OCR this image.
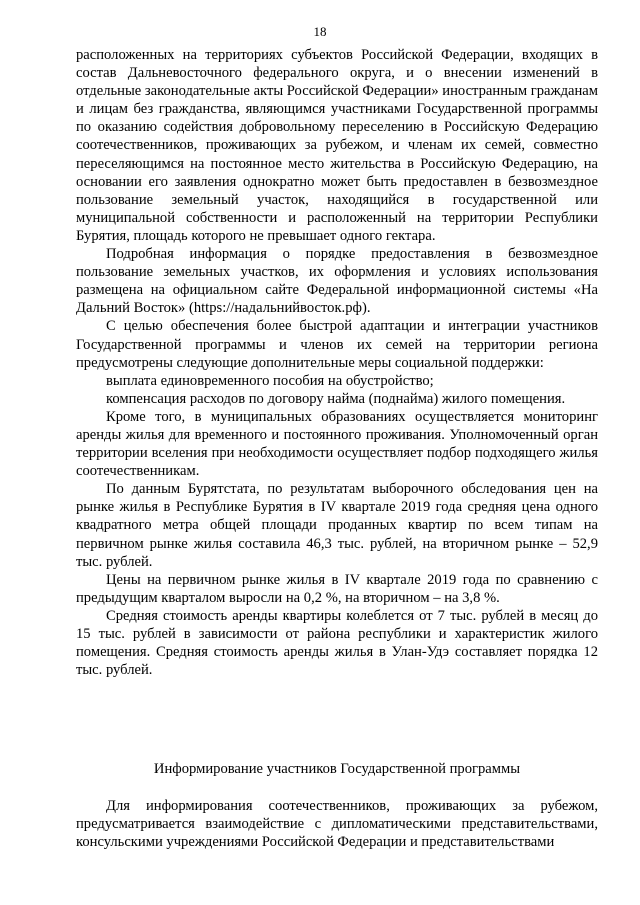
18

расположенных на территориях субъектов Российской Федерации, входящих в состав Дальневосточного федерального округа, и о внесении изменений в отдельные законодательные акты Российской Федерации» иностранным гражданам и лицам без гражданства, являющимся участниками Государственной программы по оказанию содействия добровольному переселению в Российскую Федерацию соотечественников, проживающих за рубежом, и членам их семей, совместно переселяющимся на постоянное место жительства в Российскую Федерацию, на основании его заявления однократно может быть предоставлен в безвозмездное пользование земельный участок, находящийся в государственной или муниципальной собственности и расположенный на территории Республики Бурятия, площадь которого не превышает одного гектара.

Подробная информация о порядке предоставления в безвозмездное пользование земельных участков, их оформления и условиях использования размещена на официальном сайте Федеральной информационной системы «На Дальний Восток» (https://надальнийвосток.рф).

С целью обеспечения более быстрой адаптации и интеграции участников Государственной программы и членов их семей на территории региона предусмотрены следующие дополнительные меры социальной поддержки:

выплата единовременного пособия на обустройство;

компенсация расходов по договору найма (поднайма) жилого помещения.

Кроме того, в муниципальных образованиях осуществляется мониторинг аренды жилья для временного и постоянного проживания. Уполномоченный орган территории вселения при необходимости осуществляет подбор подходящего жилья соотечественникам.

По данным Бурятстата, по результатам выборочного обследования цен на рынке жилья в Республике Бурятия в IV квартале 2019 года средняя цена одного квадратного метра общей площади проданных квартир по всем типам на первичном рынке жилья составила 46,3 тыс. рублей, на вторичном рынке – 52,9 тыс. рублей.

Цены на первичном рынке жилья в IV квартале 2019 года по сравнению с предыдущим кварталом выросли на 0,2 %, на вторичном – на 3,8 %.

Средняя стоимость аренды квартиры колеблется от 7 тыс. рублей в месяц до 15 тыс. рублей в зависимости от района республики и характеристик жилого помещения. Средняя стоимость аренды жилья в Улан-Удэ составляет порядка 12 тыс. рублей.

Информирование участников Государственной программы

Для информирования соотечественников, проживающих за рубежом, предусматривается взаимодействие с дипломатическими представительствами, консульскими учреждениями Российской Федерации и представительствами
